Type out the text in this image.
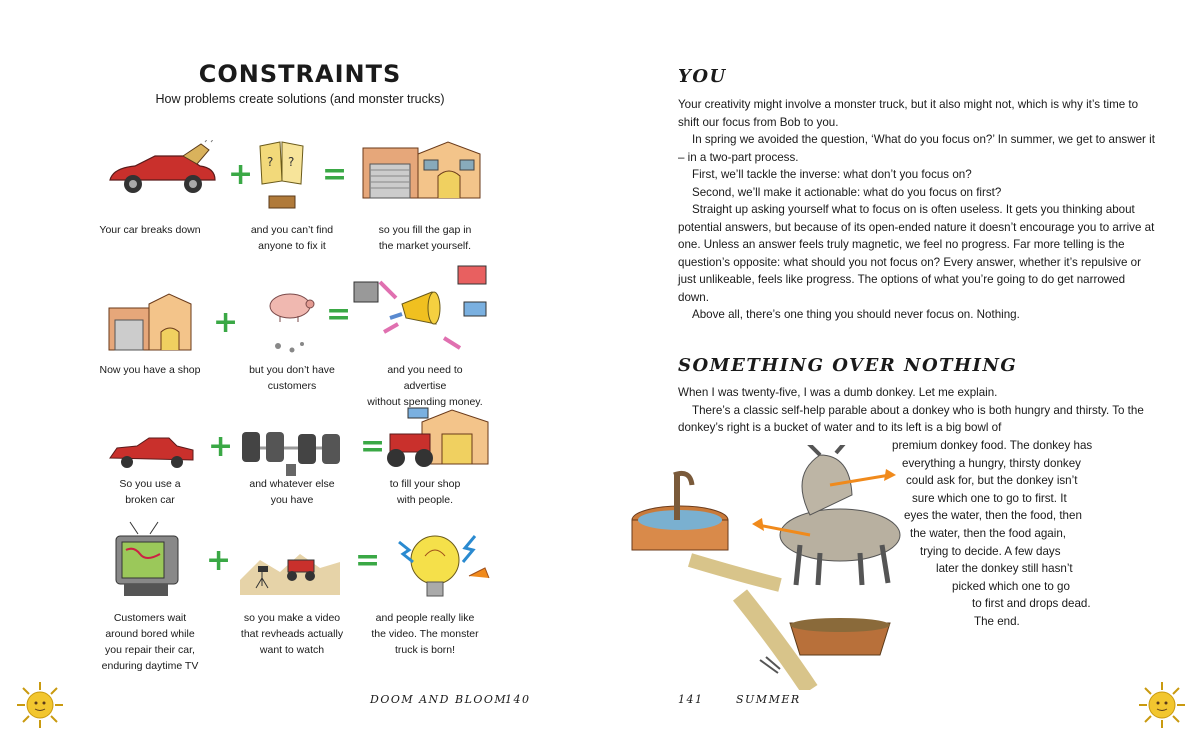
CONSTRAINTS
How problems create solutions (and monster trucks)
+ ? ? =
+	=
+	=
+	=
Your car breaks down	and you can’t find
anyone to fix it
so you fill the gap in
the market yourself.
Now you have a shop	but you don’t have
customers
and you need to advertise
without spending money.
So you use a
broken car
and whatever else
you have
to fill your shop
with people.
Customers wait
around bored while
you repair their car,
enduring daytime TV
so you make a video
that revheads actually
want to watch
and people really like
the video. The monster
truck is born!
DOOM AND BLOOM
140
YOU

Your creativity might involve a monster truck, but it also might not, which is why it’s time to shift our focus from Bob to you.

In spring we avoided the question, ‘What do you focus on?’ In summer, we get to answer it – in a two-part process.

First, we’ll tackle the inverse: what don’t you focus on?

Second, we’ll make it actionable: what do you focus on first?

Straight up asking yourself what to focus on is often useless. It gets you thinking about potential answers, but because of its open-ended nature it doesn’t encourage you to arrive at one. Unless an answer feels truly magnetic, we feel no progress. Far more telling is the question’s opposite: what should you not focus on? Every answer, whether it’s repulsive or just unlikeable, feels like progress. The options of what you’re going to do get narrowed down.

Above all, there’s one thing you should never focus on. Nothing.

SOMETHING OVER NOTHING

When I was twenty-five, I was a dumb donkey. Let me explain.

There’s a classic self-help parable about a donkey who is both hungry and thirsty. To the donkey’s right is a bucket of water and to its left is a big bowl of

premium donkey food. The donkey has
everything a hungry, thirsty donkey
could ask for, but the donkey isn’t
sure which one to go to first. It
eyes the water, then the food, then
the water, then the food again,
trying to decide. A few days
later the donkey still hasn’t
picked which one to go
to first and drops dead.
The end.
141	SUMMER
